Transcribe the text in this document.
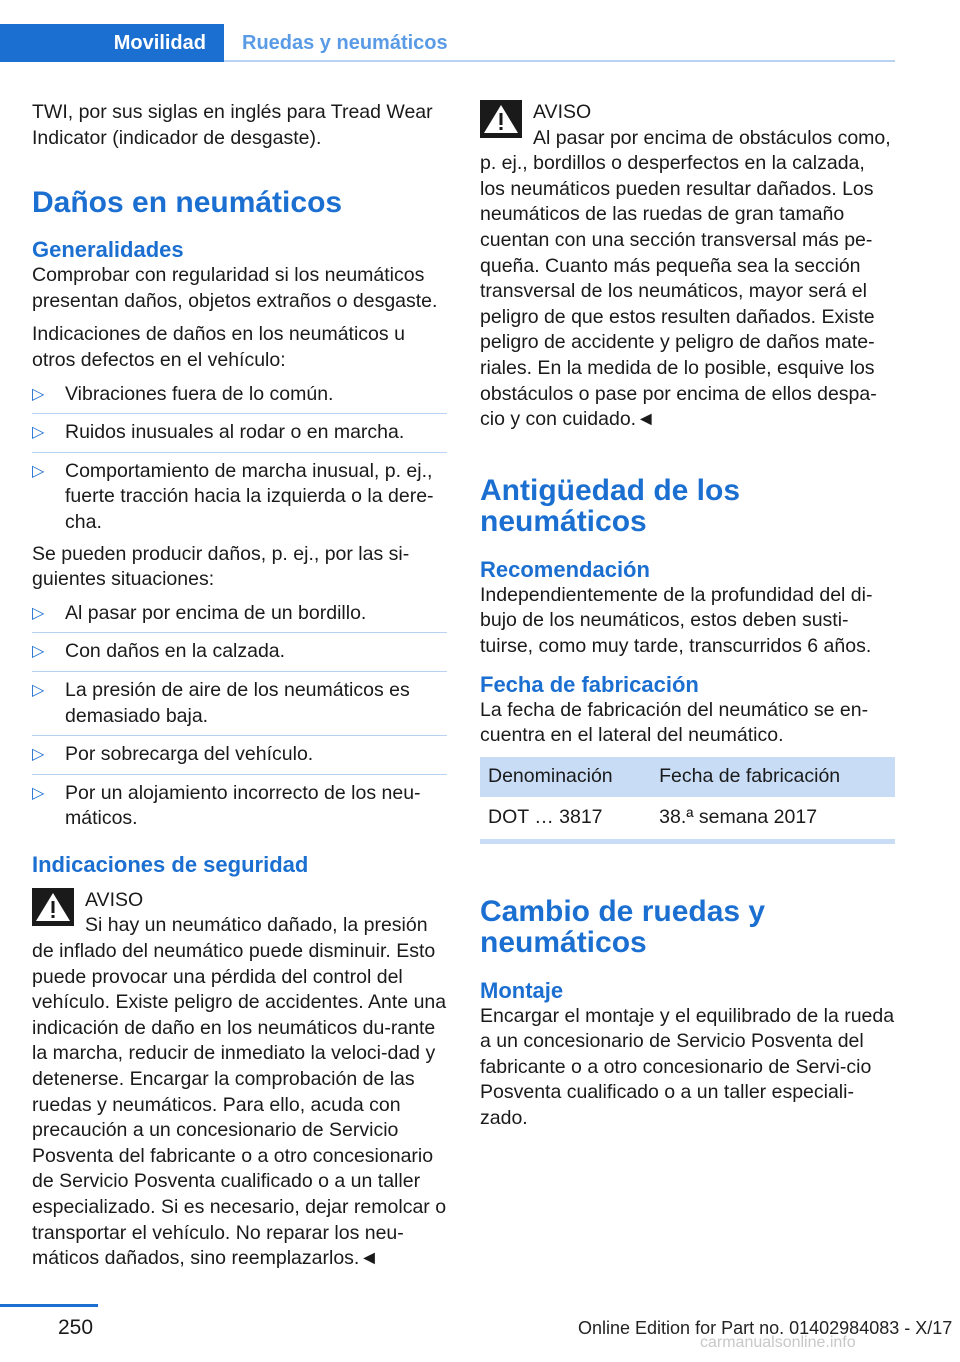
Movilidad	Ruedas y neumáticos

TWI, por sus siglas en inglés para Tread Wear Indicator (indicador de desgaste).

Daños en neumáticos
Generalidades

Comprobar con regularidad si los neumáticos presentan daños, objetos extraños o desgaste.

Indicaciones de daños en los neumáticos u otros defectos en el vehículo:

▷ Vibraciones fuera de lo común.
▷ Ruidos inusuales al rodar o en marcha.
▷ Comportamiento de marcha inusual, p. ej., fuerte tracción hacia la izquierda o la dere‐cha.

Se pueden producir daños, p. ej., por las si‐guientes situaciones:

▷ Al pasar por encima de un bordillo.
▷ Con daños en la calzada.
▷ La presión de aire de los neumáticos es demasiado baja.
▷ Por sobrecarga del vehículo.
▷ Por un alojamiento incorrecto de los neu‐máticos.
Indicaciones de seguridad
AVISO
Si hay un neumático dañado, la presión
de inflado del neumático puede disminuir. Esto puede provocar una pérdida del control del vehículo. Existe peligro de accidentes. Ante una indicación de daño en los neumáticos du‐rante la marcha, reducir de inmediato la veloci‐dad y detenerse. Encargar la comprobación de las ruedas y neumáticos. Para ello, acuda con precaución a un concesionario de Servicio Posventa del fabricante o a otro concesionario de Servicio Posventa cualificado o a un taller especializado. Si es necesario, dejar remolcar o transportar el vehículo. No reparar los neu‐máticos dañados, sino reemplazarlos.◄
AVISO
Al pasar por encima de obstáculos como,
p. ej., bordillos o desperfectos en la calzada, los neumáticos pueden resultar dañados. Los neumáticos de las ruedas de gran tamaño cuentan con una sección transversal más pe‐queña. Cuanto más pequeña sea la sección transversal de los neumáticos, mayor será el peligro de que estos resulten dañados. Existe peligro de accidente y peligro de daños mate‐riales. En la medida de lo posible, esquive los obstáculos o pase por encima de ellos despa‐cio y con cuidado.◄
Antigüedad de los neumáticos
Recomendación

Independientemente de la profundidad del di‐bujo de los neumáticos, estos deben susti‐tuirse, como muy tarde, transcurridos 6 años.

Fecha de fabricación

La fecha de fabricación del neumático se en‐cuentra en el lateral del neumático.

Denominación	Fecha de fabricación
DOT … 3817	38.ª semana 2017
Cambio de ruedas y neumáticos
Montaje

Encargar el montaje y el equilibrado de la rueda a un concesionario de Servicio Posventa del fabricante o a otro concesionario de Servi‐cio Posventa cualificado o a un taller especiali‐zado.

250	Online Edition for Part no. 01402984083 - X/17
carmanualsonline.info
